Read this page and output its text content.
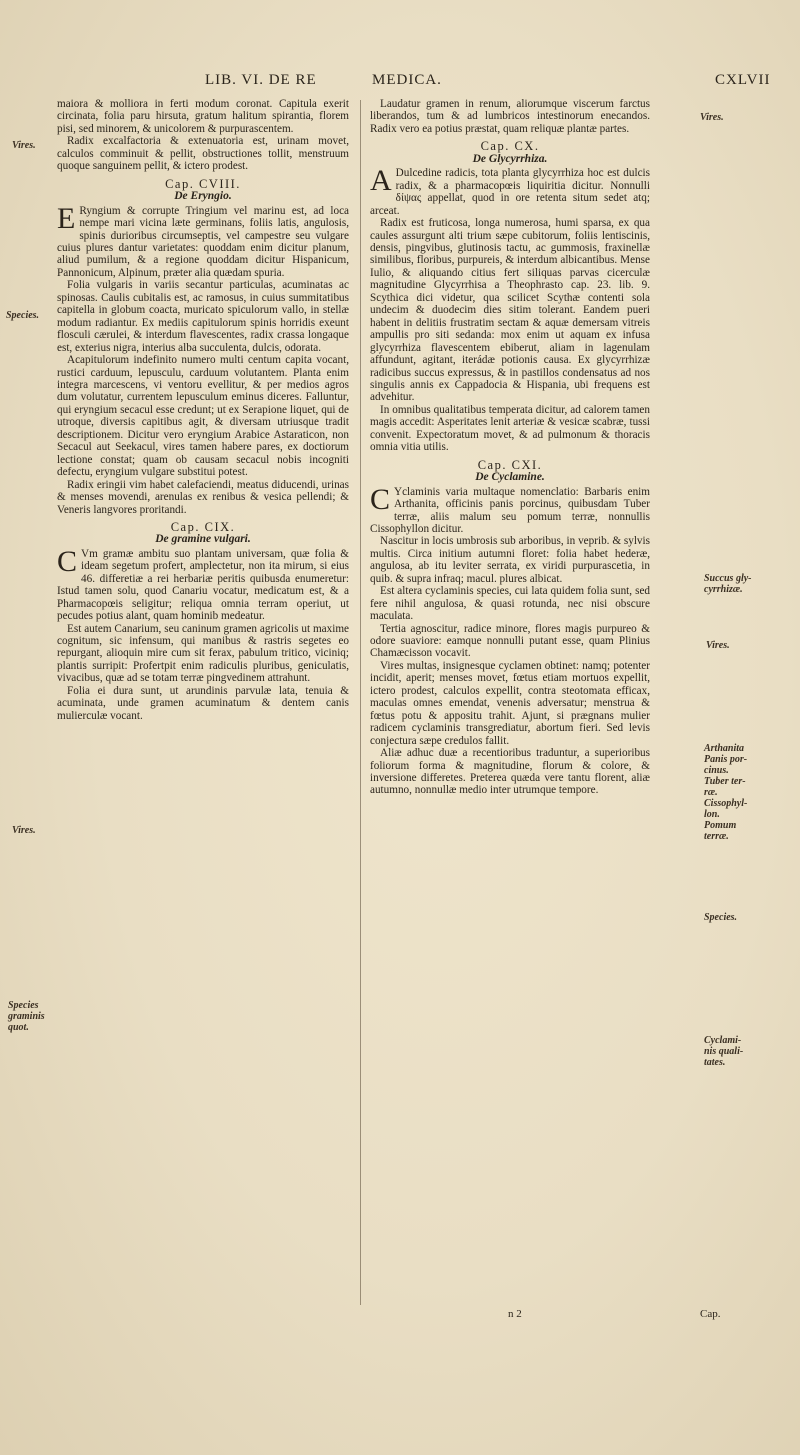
LIB. VI. DE RE	MEDICA.	CXLVII

maiora & molliora in ferti modum coronat. Capitula exerit circinata, folia paru hirsuta, gratum halitum spirantia, florem pisi, sed minorem, & unicolorem & purpurascentem.

Radix excalfactoria & extenuatoria est, urinam movet, calculos comminuit & pellit, obstructiones tollit, menstruum quoque sanguinem pellit, & ictero prodest.

Cap. CVIII.
De Eryngio.

E Ryngium & corrupte Tringium vel marinu est, ad loca nempe mari vicina læte germinans, foliis latis, angulosis, spinis durioribus circumseptis, vel campestre seu vulgare cuius plures dantur varietates: quoddam enim dicitur planum, aliud pumilum, & a regione quoddam dicitur Hispanicum, Pannonicum, Alpinum, præter alia quædam spuria.

Folia vulgaris in variis secantur particulas, acuminatas ac spinosas. Caulis cubitalis est, ac ramosus, in cuius summitatibus capitella in globum coacta, muricato spiculorum vallo, in stellæ modum radiantur. Ex mediis capitulorum spinis horridis exeunt flosculi cærulei, & interdum flavescentes, radix crassa longaque est, exterius nigra, interius alba succulenta, dulcis, odorata.

Acapitulorum indefinito numero multi centum capita vocant, rustici carduum, lepusculu, carduum volutantem. Planta enim integra marcescens, vi ventoru evellitur, & per medios agros dum volutatur, currentem lepusculum eminus diceres. Falluntur, qui eryngium secacul esse credunt; ut ex Serapione liquet, qui de utroque, diversis capitibus agit, & diversam utriusque tradit descriptionem. Dicitur vero eryngium Arabice Astaraticon, non Secacul aut Seekacul, vires tamen habere pares, ex doctiorum lectione constat; quam ob causam secacul nobis incogniti defectu, eryngium vulgare substitui potest.

Radix eringii vim habet calefaciendi, meatus diducendi, urinas & menses movendi, arenulas ex renibus & vesica pellendi; & Veneris langvores proritandi.

Cap. CIX.
De gramine vulgari.

C Vm gramæ ambitu suo plantam universam, quæ folia & ideam segetum profert, amplectetur, non ita mirum, si eius 46. differetiæ a rei herbariæ peritis quibusda enumeretur: Istud tamen solu, quod Canariu vocatur, medicatum est, & a Pharmacopœis seligitur; reliqua omnia terram operiut, ut pecudes potius alant, quam hominib medeatur.

Est autem Canarium, seu caninum gramen agricolis ut maxime cognitum, sic infensum, qui manibus & rastris segetes eo repurgant, alioquin mire cum sit ferax, pabulum tritico, viciniq; plantis surripit: Profertpit enim radiculis pluribus, geniculatis, vivacibus, quæ ad se totam terræ pingvedinem attrahunt.

Folia ei dura sunt, ut arundinis parvulæ lata, tenuia & acuminata, unde gramen acuminatum & dentem canis mulierculæ vocant.

Laudatur gramen in renum, aliorumque viscerum farctus liberandos, tum & ad lumbricos intestinorum enecandos. Radix vero ea potius præstat, quam reliquæ plantæ partes.

Cap. CX.
De Glycyrrhiza.

A Dulcedine radicis, tota planta glycyrrhiza hoc est dulcis radix, & a pharmacopœis liquiritia dicitur. Nonnulli δίψας appellat, quod in ore retenta situm sedet atq; arceat.

Radix est fruticosa, longa numerosa, humi sparsa, ex qua caules assurgunt alti trium sæpe cubitorum, foliis lentiscinis, densis, pingvibus, glutinosis tactu, ac gummosis, fraxinellæ similibus, floribus, purpureis, & interdum albicantibus. Mense Iulio, & aliquando citius fert siliquas parvas cicerculæ magnitudine Glycyrrhisa a Theophrasto cap. 23. lib. 9. Scythica dici videtur, qua scilicet Scythæ contenti sola undecim & duodecim dies sitim tolerant. Eandem pueri habent in delitiis frustratim sectam & aquæ demersam vitreis ampullis pro siti sedanda: mox enim ut aquam ex infusa glycyrrhiza flavescentem ebiberut, aliam in lagenulam affundunt, agitant, iterádæ potionis causa. Ex glycyrrhizæ radicibus succus expressus, & in pastillos condensatus ad nos singulis annis ex Cappadocia & Hispania, ubi frequens est advehitur.

In omnibus qualitatibus temperata dicitur, ad calorem tamen magis accedit: Asperitates lenit arteriæ & vesicæ scabræ, tussi convenit. Expectoratum movet, & ad pulmonum & thoracis omnia vitia utilis.

Cap. CXI.
De Cyclamine.

C Yclaminis varia multaque nomenclatio: Barbaris enim Arthanita, officinis panis porcinus, quibusdam Tuber terræ, aliis malum seu pomum terræ, nonnullis Cissophyllon dicitur.

Nascitur in locis umbrosis sub arboribus, in veprib. & sylvis multis. Circa initium autumni floret: folia habet hederæ, angulosa, ab itu leviter serrata, ex viridi purpurascetia, in quib. & supra infraq; macul. plures albicat.

Est altera cyclaminis species, cui lata quidem folia sunt, sed fere nihil angulosa, & quasi rotunda, nec nisi obscure maculata.

Tertia agnoscitur, radice minore, flores magis purpureo & odore suaviore: eamque nonnulli putant esse, quam Plinius Chamæcisson vocavit.

Vires multas, insignesque cyclamen obtinet: namq; potenter incidit, aperit; menses movet, fœtus etiam mortuos expellit, ictero prodest, calculos expellit, contra steotomata efficax, maculas omnes emendat, venenis adversatur; menstrua & fœtus potu & appositu trahit. Ajunt, si prægnans mulier radicem cyclaminis transgrediatur, abortum fieri. Sed levis conjectura sæpe credulos fallit.

Aliæ adhuc duæ a recentioribus traduntur, a superioribus foliorum forma & magnitudine, florum & colore, & inversione differetes. Preterea quæda vere tantu florent, aliæ autumno, nonnullæ medio inter utrumque tempore.

Vires.
Species.
Vires.
Species
graminis
quot.
Vires.
Succus gly-
cyrrhizæ.
Vires.
Arthanita
Panis por-
cinus.
Tuber ter-
ræ.
Cissophyl-
lon.
Pomum
terræ.
Species.
Cyclami-
nis quali-
tates.
n 2	Cap.
